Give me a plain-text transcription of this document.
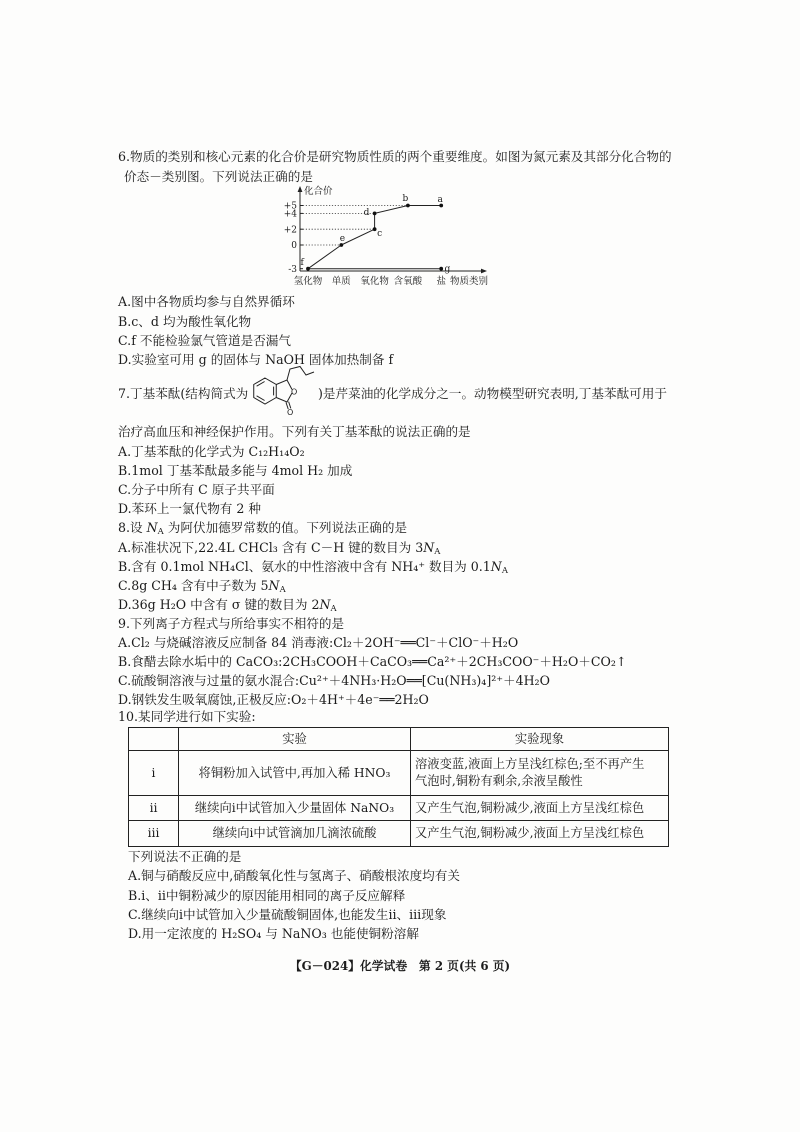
6.物质的类别和核心元素的化合价是研究物质性质的两个重要维度。如图为氮元素及其部分化合物的
价态－类别图。下列说法正确的是
+5
+4
+2
0
-3
f
e	c
d
b	a
g
氢化物 单质 氧化物 含氧酸 盐 物质类别
化合价
A.图中各物质均参与自然界循环
B.c、d 均为酸性氧化物
C.f 不能检验氯气管道是否漏气
D.实验室可用 g 的固体与 NaOH 固体加热制备 f
7.丁基苯酞(结构简式为	O
O
)是芹菜油的化学成分之一。动物模型研究表明,丁基苯酞可用于
治疗高血压和神经保护作用。下列有关丁基苯酞的说法正确的是
A.丁基苯酞的化学式为 C₁₂H₁₄O₂
B.1mol 丁基苯酞最多能与 4mol H₂ 加成
C.分子中所有 C 原子共平面
D.苯环上一氯代物有 2 种
8.设 $N_A$ 为阿伏加德罗常数的值。下列说法正确的是
A.标准状况下,22.4L CHCl₃ 含有 C－H 键的数目为 $3N_A$
B.含有 0.1mol NH₄Cl、氨水的中性溶液中含有 NH₄⁺ 数目为 $0.1N_A$
C.8g CH₄ 含有中子数为 $5N_A$
D.36g H₂O 中含有 σ 键的数目为 $2N_A$
9.下列离子方程式与所给事实不相符的是
A.Cl₂ 与烧碱溶液反应制备 84 消毒液:Cl₂＋2OH⁻══Cl⁻＋ClO⁻＋H₂O
B.食醋去除水垢中的 CaCO₃:2CH₃COOH＋CaCO₃══Ca²⁺＋2CH₃COO⁻＋H₂O＋CO₂↑
C.硫酸铜溶液与过量的氨水混合:Cu²⁺＋4NH₃·H₂O══[Cu(NH₃)₄]²⁺＋4H₂O
D.钢铁发生吸氧腐蚀,正极反应:O₂＋4H⁺＋4e⁻══2H₂O
10.某同学进行如下实验:
	实验	实验现象
ⅰ	将铜粉加入试管中,再加入稀 HNO₃	溶液变蓝,液面上方呈浅红棕色;至不再产生
气泡时,铜粉有剩余,余液呈酸性

ⅱ	继续向ⅰ中试管加入少量固体 NaNO₃	又产生气泡,铜粉减少,液面上方呈浅红棕色

ⅲ	继续向ⅰ中试管滴加几滴浓硫酸	又产生气泡,铜粉减少,液面上方呈浅红棕色
下列说法不正确的是
A.铜与硝酸反应中,硝酸氧化性与氢离子、硝酸根浓度均有关
B.ⅰ、ⅱ中铜粉减少的原因能用相同的离子反应解释
C.继续向ⅰ中试管加入少量硫酸铜固体,也能发生ⅱ、ⅲ现象
D.用一定浓度的 H₂SO₄ 与 NaNO₃ 也能使铜粉溶解
【G－024】化学试卷　第 2 页(共 6 页)
